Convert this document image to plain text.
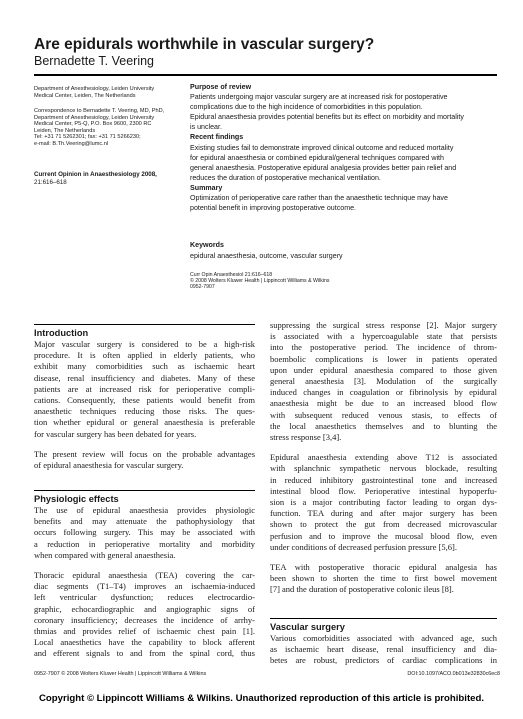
Are epidurals worthwhile in vascular surgery?
Bernadette T. Veering
Department of Anesthesiology, Leiden University
Medical Center, Leiden, The Netherlands
Correspondence to Bernadette T. Veering, MD, PhD,
Department of Anesthesiology, Leiden University
Medical Center, P5-Q, P.O. Box 9600, 2300 RC
Leiden, The Netherlands
Tel: +31 71 5262301; fax: +31 71 5266230;
e-mail: B.Th.Veering@lumc.nl
Current Opinion in Anaesthesiology 2008,
21:616–618
Purpose of review
Patients undergoing major vascular surgery are at increased risk for postoperative
complications due to the high incidence of comorbidities in this population.
Epidural anaesthesia provides potential benefits but its effect on morbidity and mortality
is unclear.
Recent findings
Existing studies fail to demonstrate improved clinical outcome and reduced mortality
for epidural anaesthesia or combined epidural/general techniques compared with
general anaesthesia. Postoperative epidural analgesia provides better pain relief and
reduces the duration of postoperative mechanical ventilation.
Summary
Optimization of perioperative care rather than the anaesthetic technique may have
potential benefit in improving postoperative outcome.
Keywords
epidural anaesthesia, outcome, vascular surgery
Curr Opin Anaesthesiol 21:616–618
© 2008 Wolters Kluwer Health | Lippincott Williams & Wilkins
0952-7907
Introduction
Major vascular surgery is considered to be a high-risk
procedure. It is often applied in elderly patients, who
exhibit many comorbidities such as ischaemic heart
disease, renal insufficiency and diabetes. Many of these
patients are at increased risk for perioperative compli-
cations. Consequently, these patients would benefit from
anaesthetic techniques reducing those risks. The ques-
tion whether epidural or general anaesthesia is preferable
for vascular surgery has been debated for years.
The present review will focus on the probable advantages
of epidural anaesthesia for vascular surgery.
Physiologic effects
The use of epidural anaesthesia provides physiologic
benefits and may attenuate the pathophysiology that
occurs following surgery. This may be associated with
a reduction in perioperative mortality and morbidity
when compared with general anaesthesia.
Thoracic epidural anaesthesia (TEA) covering the car-
diac segments (T1–T4) improves an ischaemia-induced
left ventricular dysfunction; reduces electrocardio-
graphic, echocardiographic and angiographic signs of
coronary insufficiency; decreases the incidence of arrhy-
thmias and provides relief of ischaemic chest pain [1].
Local anaesthetics have the capability to block afferent
and efferent signals to and from the spinal cord, thus
suppressing the surgical stress response [2]. Major surgery
is associated with a hypercoagulable state that persists
into the postoperative period. The incidence of throm-
boembolic complications is lower in patients operated
upon under epidural anaesthesia compared to those given
general anaesthesia [3]. Modulation of the surgically
induced changes in coagulation or fibrinolysis by epidural
anaesthesia might be due to an increased blood flow
with subsequent reduced venous stasis, to effects of
the local anaesthetics themselves and to blunting the
stress response [3,4].
Epidural anaesthesia extending above T12 is associated
with splanchnic sympathetic nervous blockade, resulting
in reduced inhibitory gastrointestinal tone and increased
intestinal blood flow. Perioperative intestinal hypoperfu-
sion is a major contributing factor leading to organ dys-
function. TEA during and after major surgery has been
shown to protect the gut from decreased microvascular
perfusion and to improve the mucosal blood flow, even
under conditions of decreased perfusion pressure [5,6].
TEA with postoperative thoracic epidural analgesia has
been shown to shorten the time to first bowel movement
[7] and the duration of postoperative colonic ileus [8].
Vascular surgery
Various comorbidities associated with advanced age, such
as ischaemic heart disease, renal insufficiency and dia-
betes are robust, predictors of cardiac complications in
0952-7907 © 2008 Wolters Kluwer Health | Lippincott Williams & Wilkins	DOI:10.1097/ACO.0b013e32830c6ec8
Copyright © Lippincott Williams & Wilkins. Unauthorized reproduction of this article is prohibited.
